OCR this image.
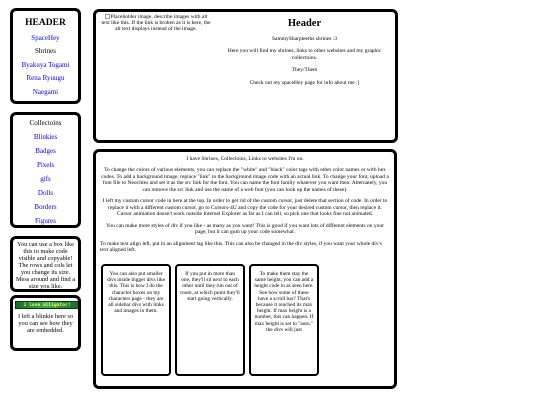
HEADER
SpaceHey
Shrines
Byakuya Togami
Rena Ryuugu
Naegami
Collectoins
Blinkies
Badges
Pixels
gifs
Dolls
Borders
Figures
You can use a box like this to make code visible and copyable! The rows and cols let you change its size. Mess around and find a size you like.
i love alligator!
I left a blinkie here so you can see how they are embedded.
Placeholder image, describe images with alt text like this. If the link is broken as it is here, the alt text displays instead of the image.
Header

SammySharpteeths shrines :3

Here you will find my shrines, links to other websites and my graphic collectoins.

They/Them

Check out my spaceHey page for info about me :]

I have Shrines, Collectoins, Links to websites I'm on.

To change the colors of various elements, you can replace the "white" and "black" color tags with other color names or with hex codes. To add a background image, replace "link" in the background image code with an actual link. To change your font, upload a font file to Neocities and set it as the src link for the font. You can name the font family whatever you want then. Alternately, you can remove the src link and use the name of a web font (you can look up the names of these).

I left my custom cursor code in here at the top. In order to get rid of the custom cursor, just delete that section of code. In order to replace it with a different custom cursor, go to Cursors-4U and copy the code for your desired custom cursor, then replace it. Cursor animation doesn't work outside Internet Explorer as far as I can tell, so pick one that looks fine not animated.

You can make more styles of div if you like - as many as you want! This is good if you want lots of different elements on your page, but it can gum up your code somewhat.

To make text align left, put in an alignment tag like this. This can also be changed in the div styles, if you want your whole div's text aligned left.

You can also put smaller divs inside bigger divs like this. This is how I do the character boxes on my characters page - they are all sidebar divs with links and images in them.
If you put in more than one, they'll sit next to each other until they run out of room, at which point they'll start going vertically.
To make them stay the same height, you can add a height code in as seen here. See how some of these have a scroll bar? That's because it reached its max height. If max height is a number, this can happen. If max height is set to "auto," the divs will just
